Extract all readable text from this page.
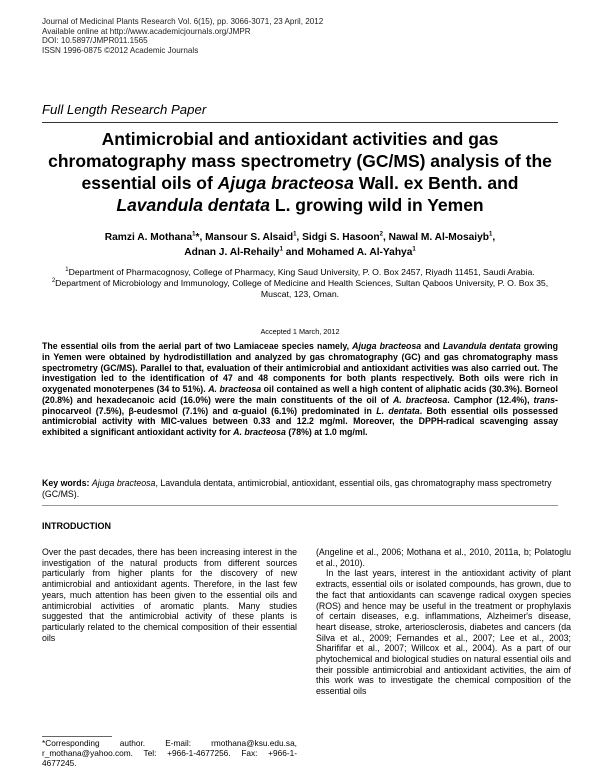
Journal of Medicinal Plants Research Vol. 6(15), pp. 3066-3071, 23 April, 2012
Available online at http://www.academicjournals.org/JMPR
DOI: 10.5897/JMPR011.1565
ISSN 1996-0875 ©2012 Academic Journals
Full Length Research Paper
Antimicrobial and antioxidant activities and gas chromatography mass spectrometry (GC/MS) analysis of the essential oils of Ajuga bracteosa Wall. ex Benth. and Lavandula dentata L. growing wild in Yemen
Ramzi A. Mothana$^1$*, Mansour S. Alsaid$^1$, Sidgi S. Hasoon$^2$, Nawal M. Al-Mosaiyb$^1$,
Adnan J. Al-Rehaily$^1$ and Mohamed A. Al-Yahya$^1$
$^1$Department of Pharmacognosy, College of Pharmacy, King Saud University, P. O. Box 2457, Riyadh 11451, Saudi Arabia.
$^2$Department of Microbiology and Immunology, College of Medicine and Health Sciences, Sultan Qaboos University, P. O. Box 35, Muscat, 123, Oman.
Accepted 1 March, 2012
The essential oils from the aerial part of two Lamiaceae species namely, Ajuga bracteosa and Lavandula dentata growing in Yemen were obtained by hydrodistillation and analyzed by gas chromatography (GC) and gas chromatography mass spectrometry (GC/MS). Parallel to that, evaluation of their antimicrobial and antioxidant activities was also carried out. The investigation led to the identification of 47 and 48 components for both plants respectively. Both oils were rich in oxygenated monoterpenes (34 to 51%). A. bracteosa oil contained as well a high content of aliphatic acids (30.3%). Borneol (20.8%) and hexadecanoic acid (16.0%) were the main constituents of the oil of A. bracteosa. Camphor (12.4%), trans-pinocarveol (7.5%), β-eudesmol (7.1%) and α-guaiol (6.1%) predominated in L. dentata. Both essential oils possessed antimicrobial activity with MIC-values between 0.33 and 12.2 mg/ml. Moreover, the DPPH-radical scavenging assay exhibited a significant antioxidant activity for A. bracteosa (78%) at 1.0 mg/ml.
Key words: Ajuga bracteosa, Lavandula dentata, antimicrobial, antioxidant, essential oils, gas chromatography mass spectrometry (GC/MS).
INTRODUCTION

Over the past decades, there has been increasing interest in the investigation of the natural products from different sources particularly from higher plants for the discovery of new antimicrobial and antioxidant agents. Therefore, in the last few years, much attention has been given to the essential oils and antimicrobial activities of aromatic plants. Many studies suggested that the antimicrobial activity of these plants is particularly related to the chemical composition of their essential oils

(Angeline et al., 2006; Mothana et al., 2010, 2011a, b; Polatoglu et al., 2010).

In the last years, interest in the antioxidant activity of plant extracts, essential oils or isolated compounds, has grown, due to the fact that antioxidants can scavenge radical oxygen species (ROS) and hence may be useful in the treatment or prophylaxis of certain diseases, e.g. inflammations, Alzheimer's disease, heart disease, stroke, arteriosclerosis, diabetes and cancers (da Silva et al., 2009; Fernandes et al., 2007; Lee et al., 2003; Sharififar et al., 2007; Willcox et al., 2004). As a part of our phytochemical and biological studies on natural essential oils and their possible antimicrobial and antioxidant activities, the aim of this work was to investigate the chemical composition of the essential oils

*Corresponding author. E-mail: rmothana@ksu.edu.sa, r_mothana@yahoo.com. Tel: +966-1-4677256. Fax: +966-1-4677245.
